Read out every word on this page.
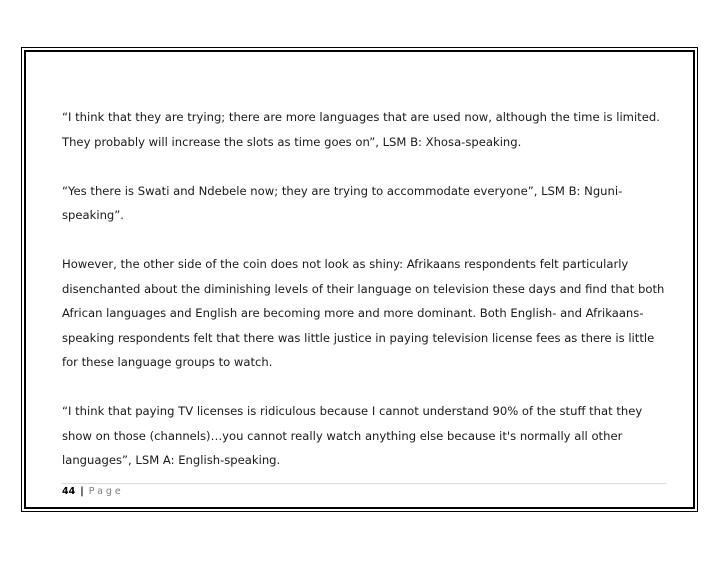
“I think that they are trying; there are more languages that are used now, although the time is limited. They probably will increase the slots as time goes on”, LSM B: Xhosa-speaking.

“Yes there is Swati and Ndebele now; they are trying to accommodate everyone”, LSM B: Nguni-speaking”.

However, the other side of the coin does not look as shiny: Afrikaans respondents felt particularly disenchanted about the diminishing levels of their language on television these days and find that both African languages and English are becoming more and more dominant. Both English- and Afrikaans-speaking respondents felt that there was little justice in paying television license fees as there is little for these language groups to watch.

“I think that paying TV licenses is ridiculous because I cannot understand 90% of the stuff that they show on those (channels)…you cannot really watch anything else because it's normally all other languages”, LSM A: English-speaking.

44 | Page
